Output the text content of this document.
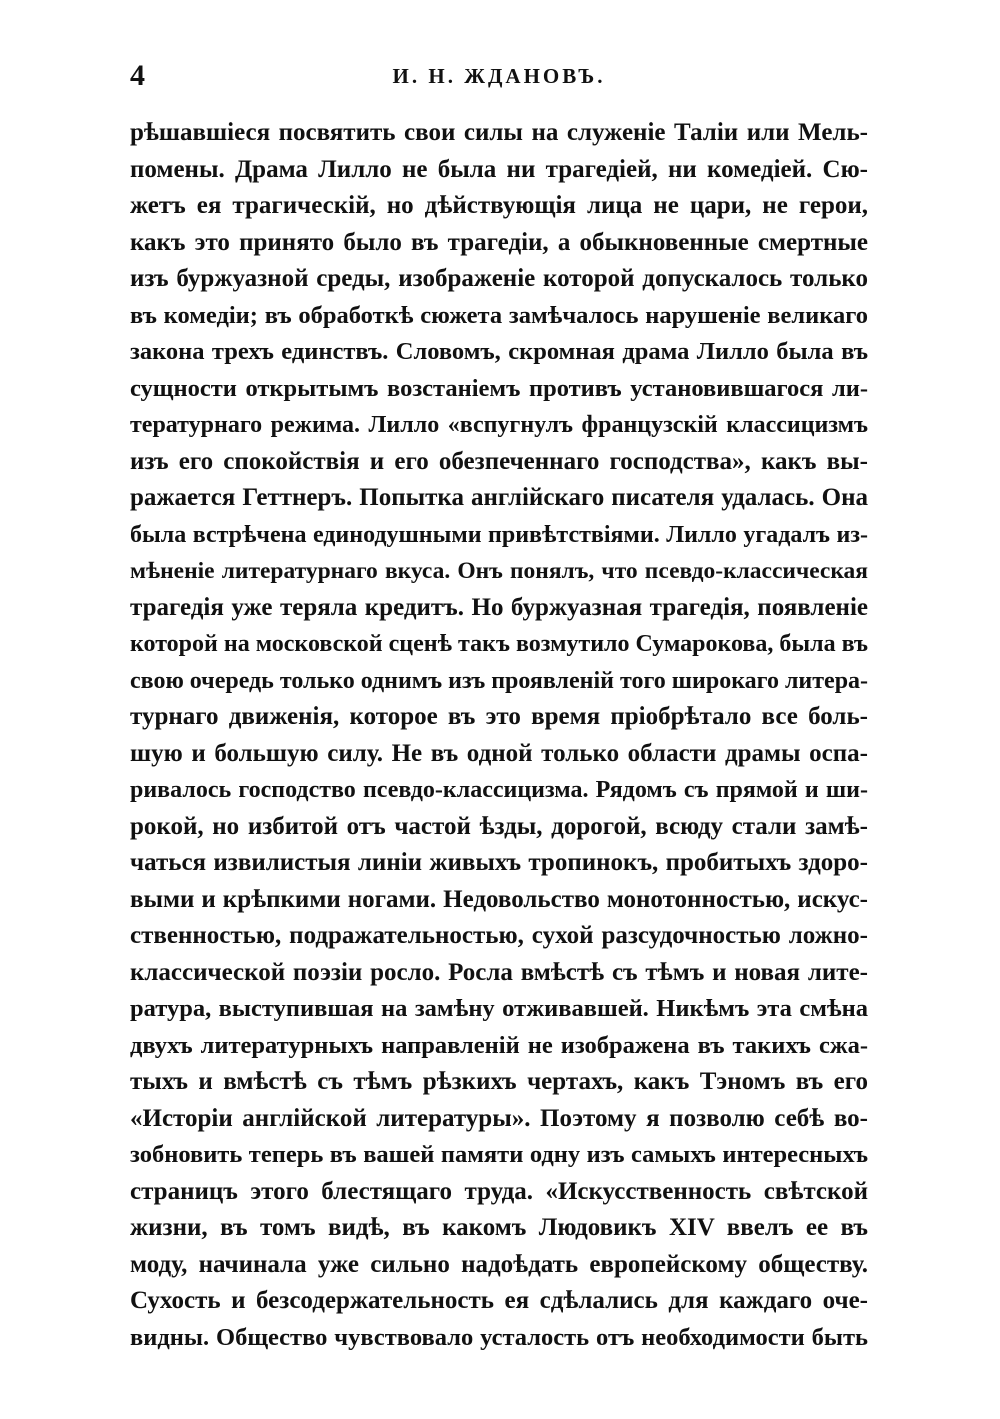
4	И. Н. ЖДАНОВЪ.
рѣшавшіеся посвятить свои силы на служеніе Таліи или Мель-
помены. Драма Лилло не была ни трагедіей, ни комедіей. Сю-
жетъ ея трагическій, но дѣйствующія лица не цари, не герои,
какъ это принято было въ трагедіи, а обыкновенные смертные
изъ буржуазной среды, изображеніе которой допускалось только
въ комедіи; въ обработкѣ сюжета замѣчалось нарушеніе великаго
закона трехъ единствъ. Словомъ, скромная драма Лилло была въ
сущности открытымъ возстаніемъ противъ установившагося ли-
тературнаго режима. Лилло «вспугнулъ французскій классицизмъ
изъ его спокойствія и его обезпеченнаго господства», какъ вы-
ражается Геттнеръ. Попытка англійскаго писателя удалась. Она
была встрѣчена единодушными привѣтствіями. Лилло угадалъ из-
мѣненіе литературнаго вкуса. Онъ понялъ, что псевдо-классическая
трагедія уже теряла кредитъ. Но буржуазная трагедія, появленіе
которой на московской сценѣ такъ возмутило Сумарокова, была въ
свою очередь только однимъ изъ проявленій того широкаго литера-
турнаго движенія, которое въ это время пріобрѣтало все боль-
шую и большую силу. Не въ одной только области драмы оспа-
ривалось господство псевдо-классицизма. Рядомъ съ прямой и ши-
рокой, но избитой отъ частой ѣзды, дорогой, всюду стали замѣ-
чаться извилистыя линіи живыхъ тропинокъ, пробитыхъ здоро-
выми и крѣпкими ногами. Недовольство монотонностью, искус-
ственностью, подражательностью, сухой разсудочностью ложно-
классической поэзіи росло. Росла вмѣстѣ съ тѣмъ и новая лите-
ратура, выступившая на замѣну отживавшей. Никѣмъ эта смѣна
двухъ литературныхъ направленій не изображена въ такихъ сжа-
тыхъ и вмѣстѣ съ тѣмъ рѣзкихъ чертахъ, какъ Тэномъ въ его
«Исторіи англійской литературы». Поэтому я позволю себѣ во-
зобновить теперь въ вашей памяти одну изъ самыхъ интересныхъ
страницъ этого блестящаго труда. «Искусственность свѣтской
жизни, въ томъ видѣ, въ какомъ Людовикъ XIV ввелъ ее въ
моду, начинала уже сильно надоѣдать европейскому обществу.
Сухость и безсодержательность ея сдѣлались для каждаго оче-
видны. Общество чувствовало усталость отъ необходимости быть
